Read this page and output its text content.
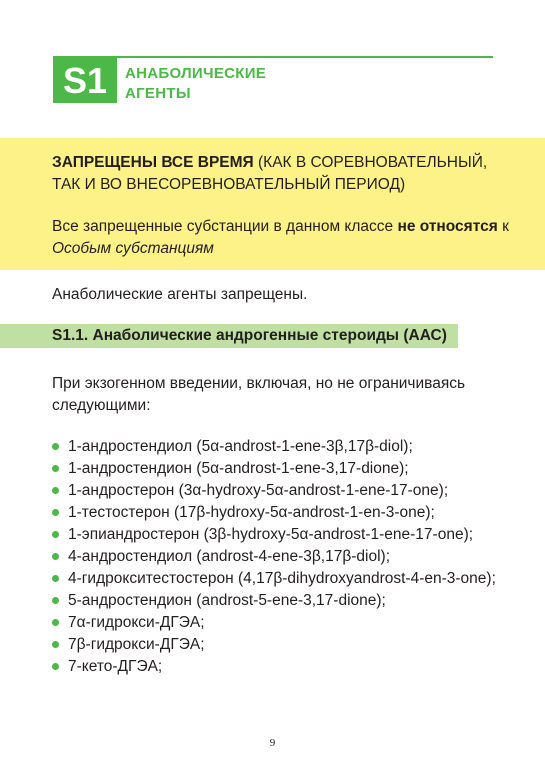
S1	АНАБОЛИЧЕСКИЕ АГЕНТЫ
ЗАПРЕЩЕНЫ ВСЕ ВРЕМЯ (КАК В СОРЕВНОВАТЕЛЬНЫЙ, ТАК И ВО ВНЕСОРЕВНОВАТЕЛЬНЫЙ ПЕРИОД)
Все запрещенные субстанции в данном классе не относятся к Особым субстанциям
Анаболические агенты запрещены.
S1.1. Анаболические андрогенные стероиды (ААС)
При экзогенном введении, включая, но не ограничиваясь следующими:
1-андростендиол (5α-androst-1-ene-3β,17β-diol);
1-андростендион (5α-androst-1-ene-3,17-dione);
1-андростерон (3α-hydroxy-5α-androst-1-ene-17-one);
1-тестостерон (17β-hydroxy-5α-androst-1-en-3-one);
1-эпиандростерон (3β-hydroxy-5α-androst-1-ene-17-one);
4-андростендиол (androst-4-ene-3β,17β-diol);
4-гидрокситестостерон (4,17β-dihydroxyandrost-4-en-3-one);
5-андростендион (androst-5-ene-3,17-dione);
7α-гидрокси-ДГЭА;
7β-гидрокси-ДГЭА;
7-кето-ДГЭА;
9
